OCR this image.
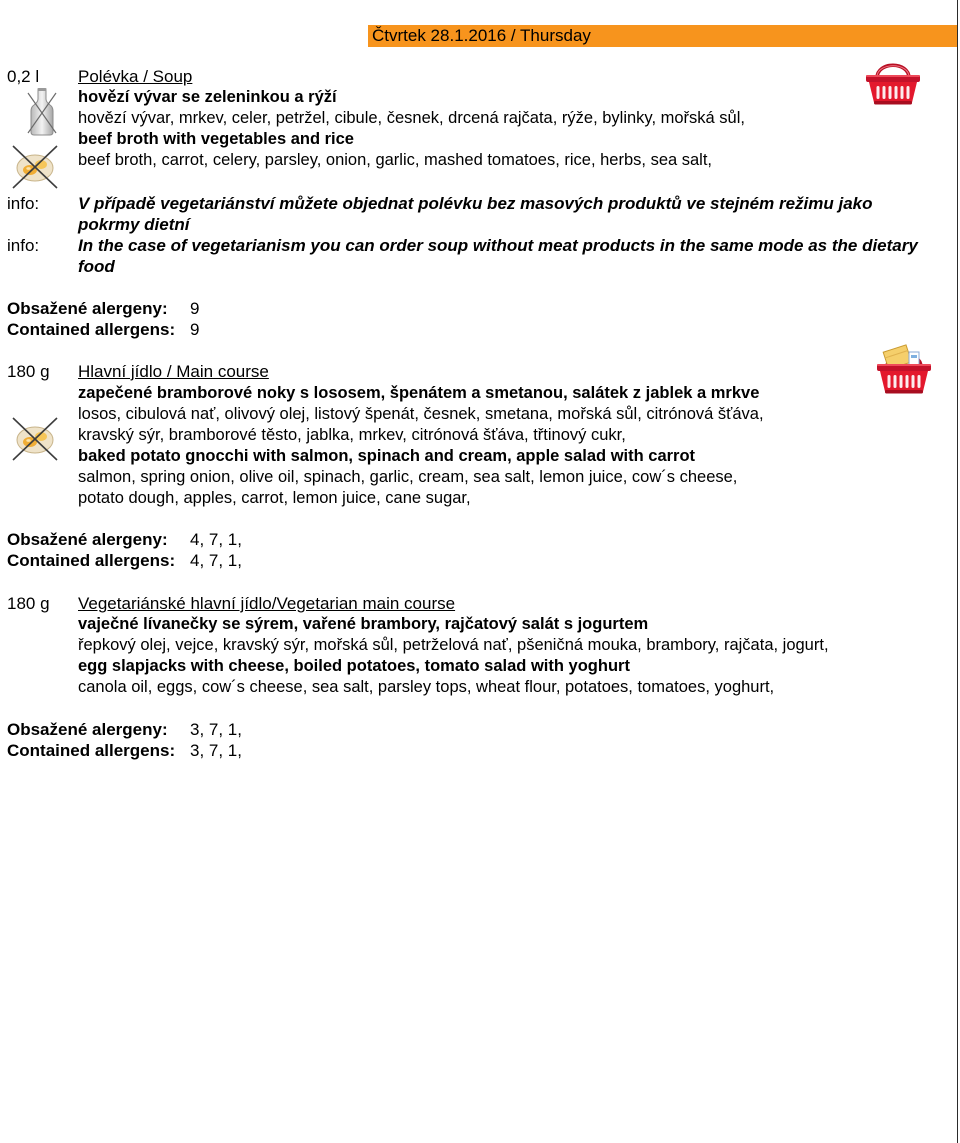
Čtvrtek 28.1.2016 / Thursday
0,2 l Polévka / Soup
hovězí vývar se zeleninkou a rýží
hovězí vývar, mrkev, celer, petržel, cibule, česnek, drcená rajčata, rýže, bylinky, mořská sůl,
beef broth with vegetables and rice
beef broth, carrot, celery, parsley, onion, garlic, mashed tomatoes, rice, herbs, sea salt,
info: V případě vegetariánství můžete objednat polévku bez masových produktů ve stejném režimu jako
pokrmy dietní
info: In the case of vegetarianism you can order soup without meat products in the same mode as the dietary
food
Obsažené alergeny: 9
Contained allergens: 9
180 g Hlavní jídlo / Main course
zapečené bramborové noky s lososem, špenátem a smetanou, salátek z jablek a mrkve
losos, cibulová nať, olivový olej, listový špenát, česnek, smetana, mořská sůl, citrónová šťáva,
kravský sýr, bramborové těsto, jablka, mrkev, citrónová šťáva, třtinový cukr,
baked potato gnocchi with salmon, spinach and cream, apple salad with carrot
salmon, spring onion, olive oil, spinach, garlic, cream, sea salt, lemon juice, cow´s cheese,
potato dough, apples, carrot, lemon juice, cane sugar,
Obsažené alergeny: 4, 7, 1,
Contained allergens: 4, 7, 1,
180 g Vegetariánské hlavní jídlo/Vegetarian main course
vaječné lívanečky se sýrem, vařené brambory, rajčatový salát s jogurtem
řepkový olej, vejce, kravský sýr, mořská sůl, petrželová nať, pšeničná mouka, brambory, rajčata, jogurt,
egg slapjacks with cheese, boiled potatoes, tomato salad with yoghurt
canola oil, eggs, cow´s cheese, sea salt, parsley tops, wheat flour, potatoes, tomatoes, yoghurt,
Obsažené alergeny: 3, 7, 1,
Contained allergens: 3, 7, 1,
